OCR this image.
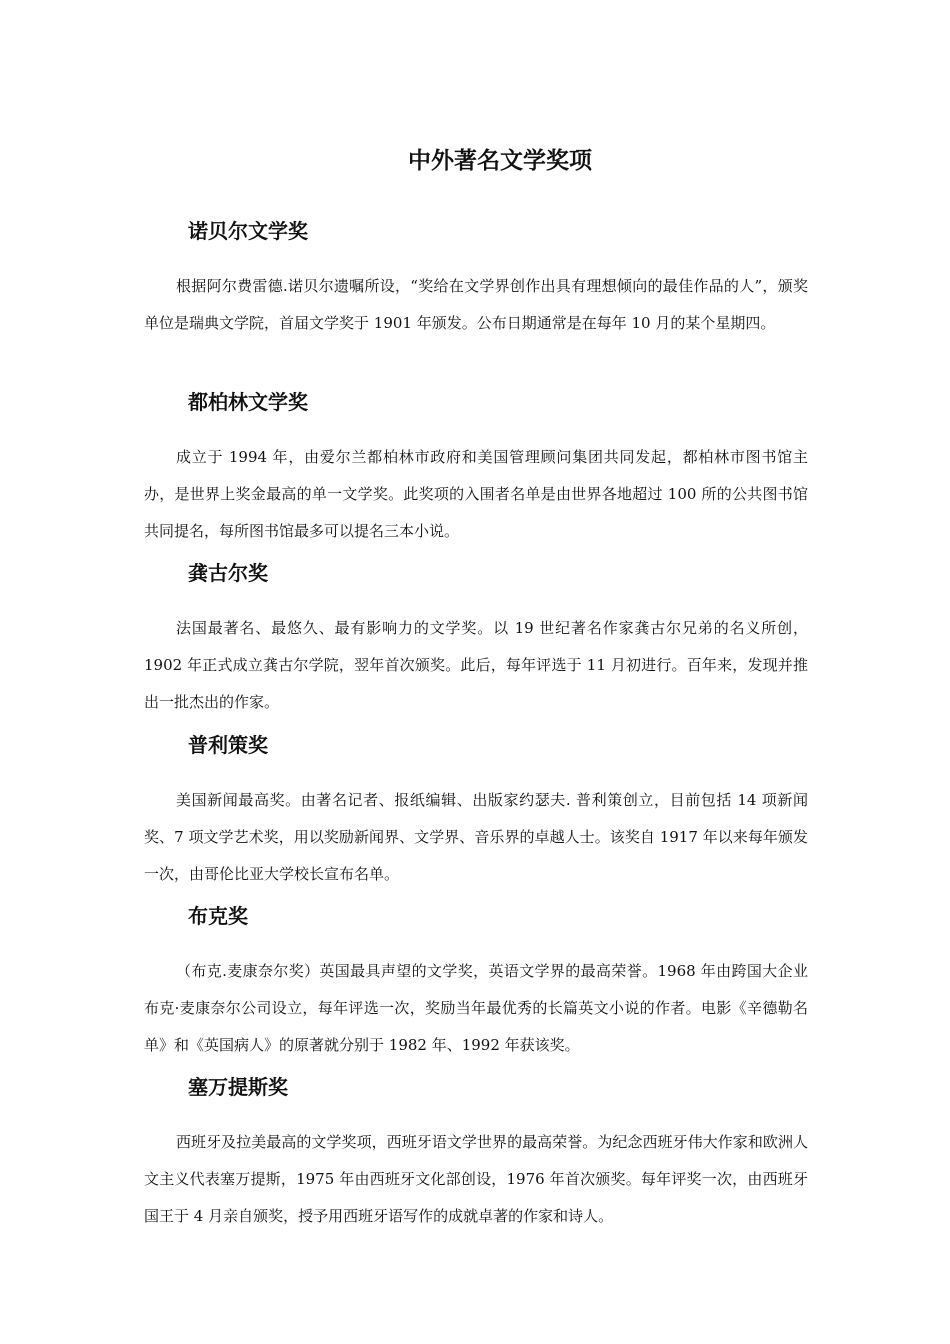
中外著名文学奖项
诺贝尔文学奖

根据阿尔费雷德.诺贝尔遗嘱所设，“奖给在文学界创作出具有理想倾向的最佳作品的人”，颁奖单位是瑞典文学院，首届文学奖于 1901 年颁发。公布日期通常是在每年 10 月的某个星期四。

都柏林文学奖

成立于 1994 年，由爱尔兰都柏林市政府和美国管理顾问集团共同发起，都柏林市图书馆主办，是世界上奖金最高的单一文学奖。此奖项的入围者名单是由世界各地超过 100 所的公共图书馆共同提名，每所图书馆最多可以提名三本小说。

龚古尔奖

法国最著名、最悠久、最有影响力的文学奖。以 19 世纪著名作家龚古尔兄弟的名义所创，1902 年正式成立龚古尔学院，翌年首次颁奖。此后，每年评选于 11 月初进行。百年来，发现并推出一批杰出的作家。

普利策奖

美国新闻最高奖。由著名记者、报纸编辑、出版家约瑟夫. 普利策创立，目前包括 14 项新闻奖、7 项文学艺术奖，用以奖励新闻界、文学界、音乐界的卓越人士。该奖自 1917 年以来每年颁发一次，由哥伦比亚大学校长宣布名单。

布克奖

（布克.麦康奈尔奖）英国最具声望的文学奖，英语文学界的最高荣誉。1968 年由跨国大企业布克·麦康奈尔公司设立，每年评选一次，奖励当年最优秀的长篇英文小说的作者。电影《辛德勒名单》和《英国病人》的原著就分别于 1982 年、1992 年获该奖。

塞万提斯奖

西班牙及拉美最高的文学奖项，西班牙语文学世界的最高荣誉。为纪念西班牙伟大作家和欧洲人文主义代表塞万提斯，1975 年由西班牙文化部创设，1976 年首次颁奖。每年评奖一次，由西班牙国王于 4 月亲自颁奖，授予用西班牙语写作的成就卓著的作家和诗人。
